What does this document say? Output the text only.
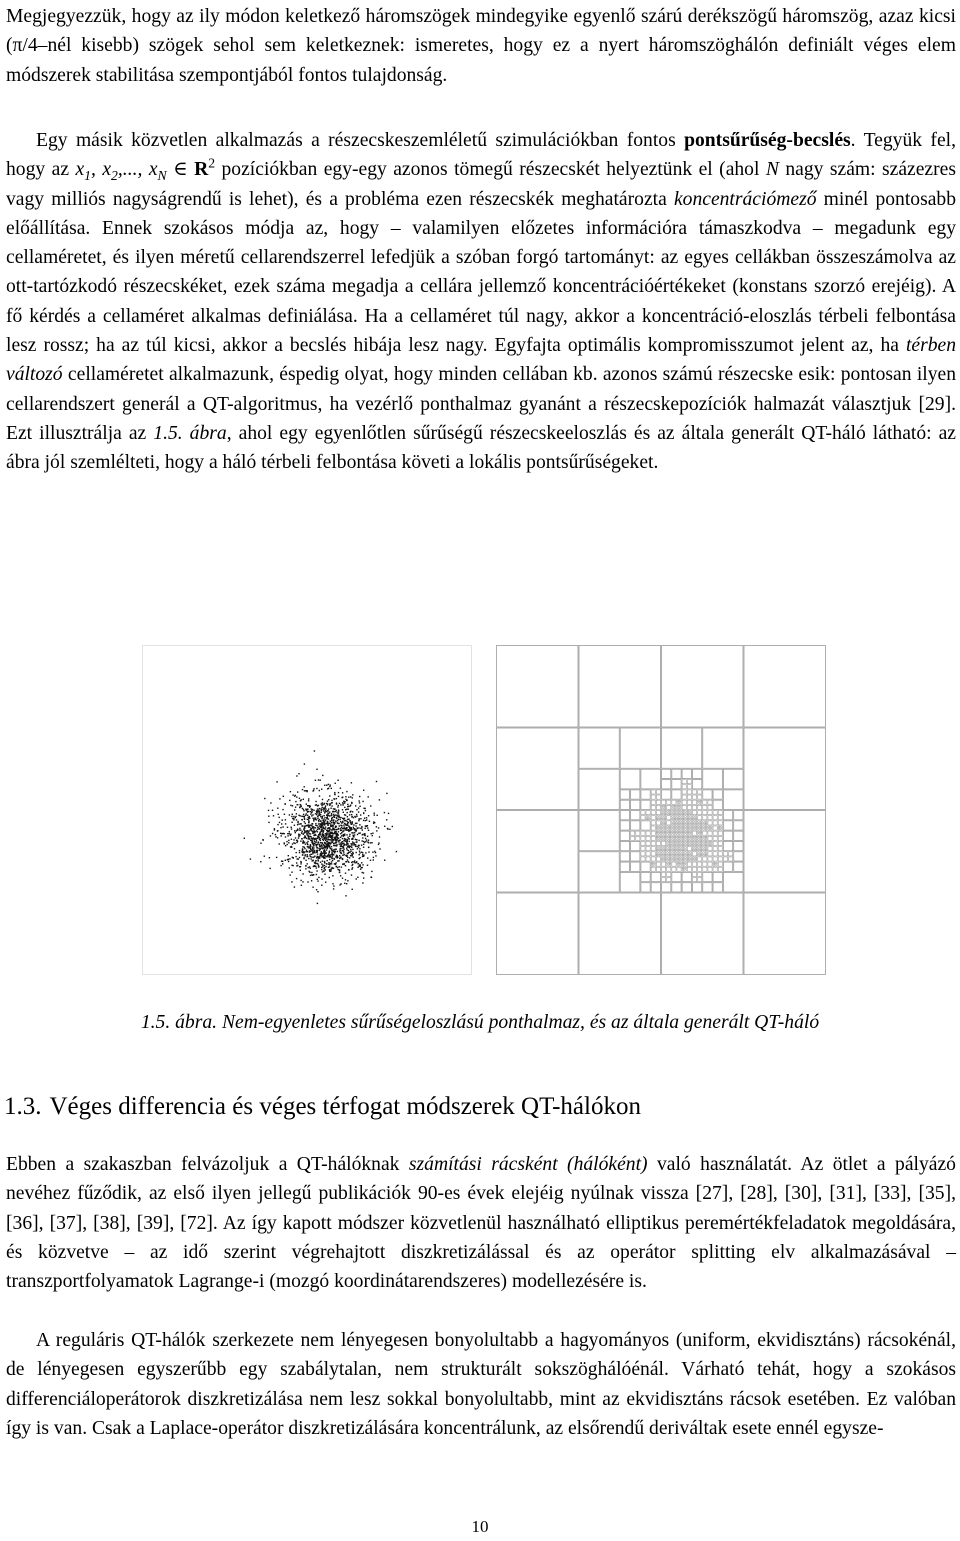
Megjegyezzük, hogy az ily módon keletkező háromszögek mindegyike egyenlő szárú derékszögű háromszög, azaz kicsi (π/4–nél kisebb) szögek sehol sem keletkeznek: ismeretes, hogy ez a nyert háromszöghálón definiált véges elem módszerek stabilitása szempontjából fontos tulajdonság.

Egy másik közvetlen alkalmazás a részecskeszemléletű szimulációkban fontos pontsűrűség-becslés. Tegyük fel, hogy az $x_1$, $x_2$,..., $x_N$ ∈ $R^2$ pozíciókban egy-egy azonos tömegű részecskét helyeztünk el (ahol N nagy szám: százezres vagy milliós nagyságrendű is lehet), és a probléma ezen részecskék meghatározta koncentrációmező minél pontosabb előállítása. Ennek szokásos módja az, hogy – valamilyen előzetes információra támaszkodva – megadunk egy cellaméretet, és ilyen méretű cellarendszerrel lefedjük a szóban forgó tartományt: az egyes cellákban összeszámolva az ott-tartózkodó részecskéket, ezek száma megadja a cellára jellemző koncentrációértékeket (konstans szorzó erejéig). A fő kérdés a cellaméret alkalmas definiálása. Ha a cellaméret túl nagy, akkor a koncentráció-eloszlás térbeli felbontása lesz rossz; ha az túl kicsi, akkor a becslés hibája lesz nagy. Egyfajta optimális kompromisszumot jelent az, ha térben változó cellaméretet alkalmazunk, éspedig olyat, hogy minden cellában kb. azonos számú részecske esik: pontosan ilyen cellarendszert generál a QT-algoritmus, ha vezérlő ponthalmaz gyanánt a részecskepozíciók halmazát választjuk [29]. Ezt illusztrálja az 1.5. ábra, ahol egy egyenlőtlen sűrűségű részecskeeloszlás és az általa generált QT-háló látható: az ábra jól szemlélteti, hogy a háló térbeli felbontása követi a lokális pontsűrűségeket.

1.5. ábra. Nem-egyenletes sűrűségeloszlású ponthalmaz, és az általa generált QT-háló
1.3. Véges differencia és véges térfogat módszerek QT-hálókon

Ebben a szakaszban felvázoljuk a QT-hálóknak számítási rácsként (hálóként) való használatát. Az ötlet a pályázó nevéhez fűződik, az első ilyen jellegű publikációk 90-es évek elejéig nyúlnak vissza [27], [28], [30], [31], [33], [35], [36], [37], [38], [39], [72]. Az így kapott módszer közvetlenül használható elliptikus peremértékfeladatok megoldására, és közvetve – az idő szerint végrehajtott diszkretizálással és az operátor splitting elv alkalmazásával – transzportfolyamatok Lagrange-i (mozgó koordinátarendszeres) modellezésére is.

A reguláris QT-hálók szerkezete nem lényegesen bonyolultabb a hagyományos (uniform, ekvidisztáns) rácsokénál, de lényegesen egyszerűbb egy szabálytalan, nem strukturált sokszöghálóénál. Várható tehát, hogy a szokásos differenciáloperátorok diszkretizálása nem lesz sokkal bonyolultabb, mint az ekvidisztáns rácsok esetében. Ez valóban így is van. Csak a Laplace-operátor diszkretizálására koncentrálunk, az elsőrendű deriváltak esete ennél egysze-

10
